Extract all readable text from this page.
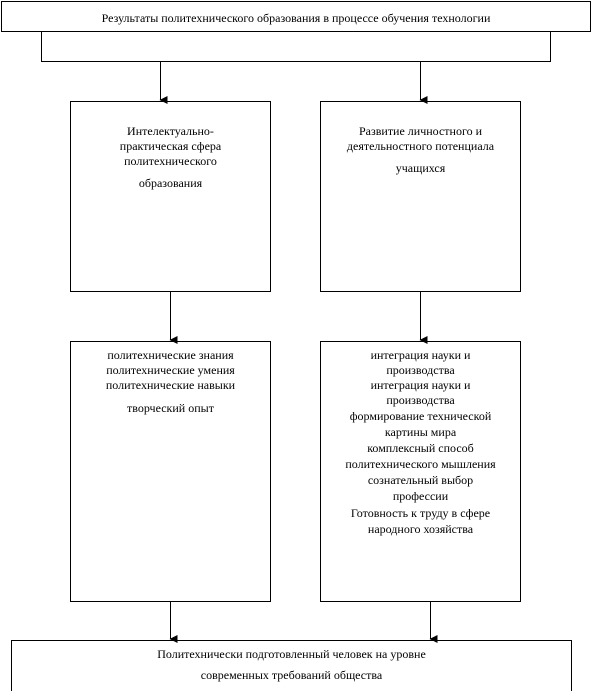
Результаты политехнического образования в процессе обучения технологии
Интелектуально-
практическая сфера
политехнического
образования
Развитие личностного и
деятельностного потенциала
учащихся
политехнические знания
политехнические умения
политехнические навыки
творческий опыт
интеграция науки и
производства
интеграция науки и
производства
формирование технической
картины мира
комплексный способ
политехнического мышления
сознательный выбор
профессии
Готовность к труду в сфере
народного хозяйства
Политехнически подготовленный человек на уровне
современных требований общества
